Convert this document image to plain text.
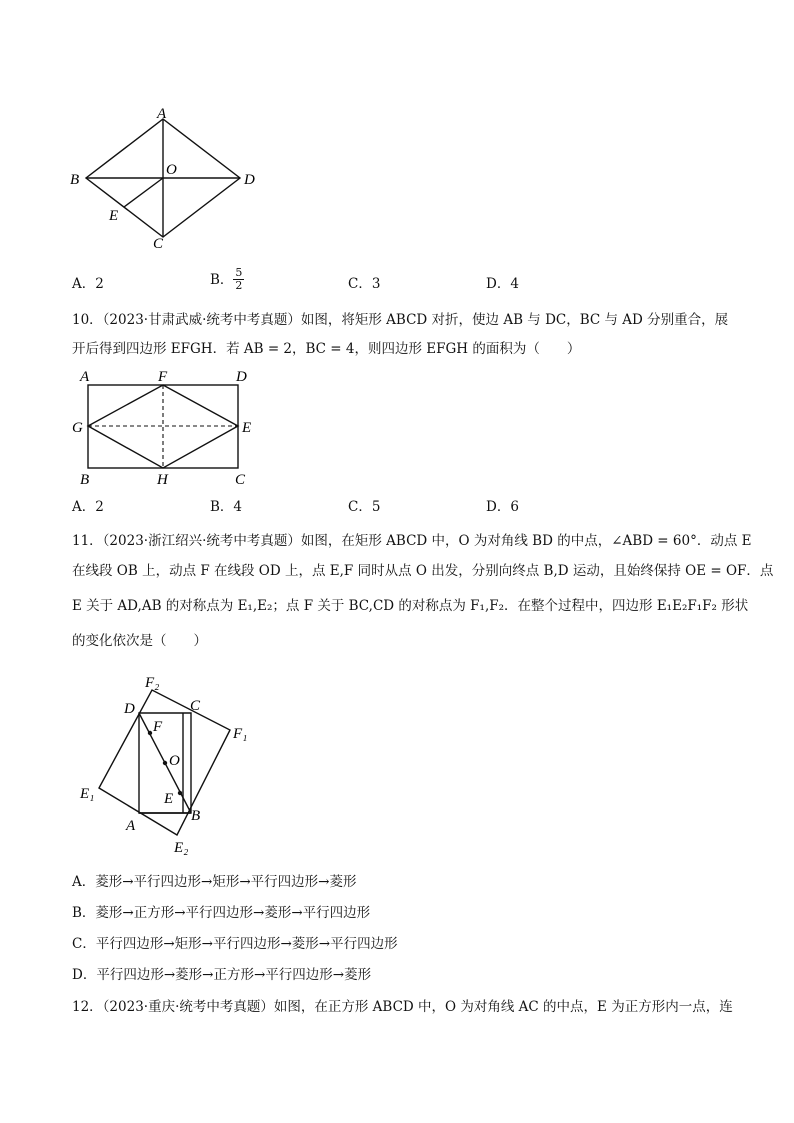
A
B	D
O
E
C
A．2	B． $\frac{5}{2}$	C．3	D．4
10．（2023·甘肃武威·统考中考真题）如图，将矩形 ABCD 对折，使边 AB 与 DC，BC 与 AD 分别重合，展
开后得到四边形 EFGH．若 AB = 2，BC = 4，则四边形 EFGH 的面积为（　　）
A	F	D
G	E
B	H	C
A．2	B．4	C．5	D．6
11．（2023·浙江绍兴·统考中考真题）如图，在矩形 ABCD 中，O 为对角线 BD 的中点，∠ABD = 60°．动点 E
在线段 OB 上，动点 F 在线段 OD 上，点 E,F 同时从点 O 出发，分别向终点 B,D 运动，且始终保持 OE = OF．点
E 关于 AD,AB 的对称点为 E₁,E₂；点 F 关于 BC,CD 的对称点为 F₁,F₂．在整个过程中，四边形 E₁E₂F₁F₂ 形状
的变化依次是（　　）
F₂
D	C
F₁
F
O
E₁	E
A
B
E₂
A．菱形→平行四边形→矩形→平行四边形→菱形
B．菱形→正方形→平行四边形→菱形→平行四边形
C．平行四边形→矩形→平行四边形→菱形→平行四边形
D．平行四边形→菱形→正方形→平行四边形→菱形
12．（2023·重庆·统考中考真题）如图，在正方形 ABCD 中，O 为对角线 AC 的中点，E 为正方形内一点，连
